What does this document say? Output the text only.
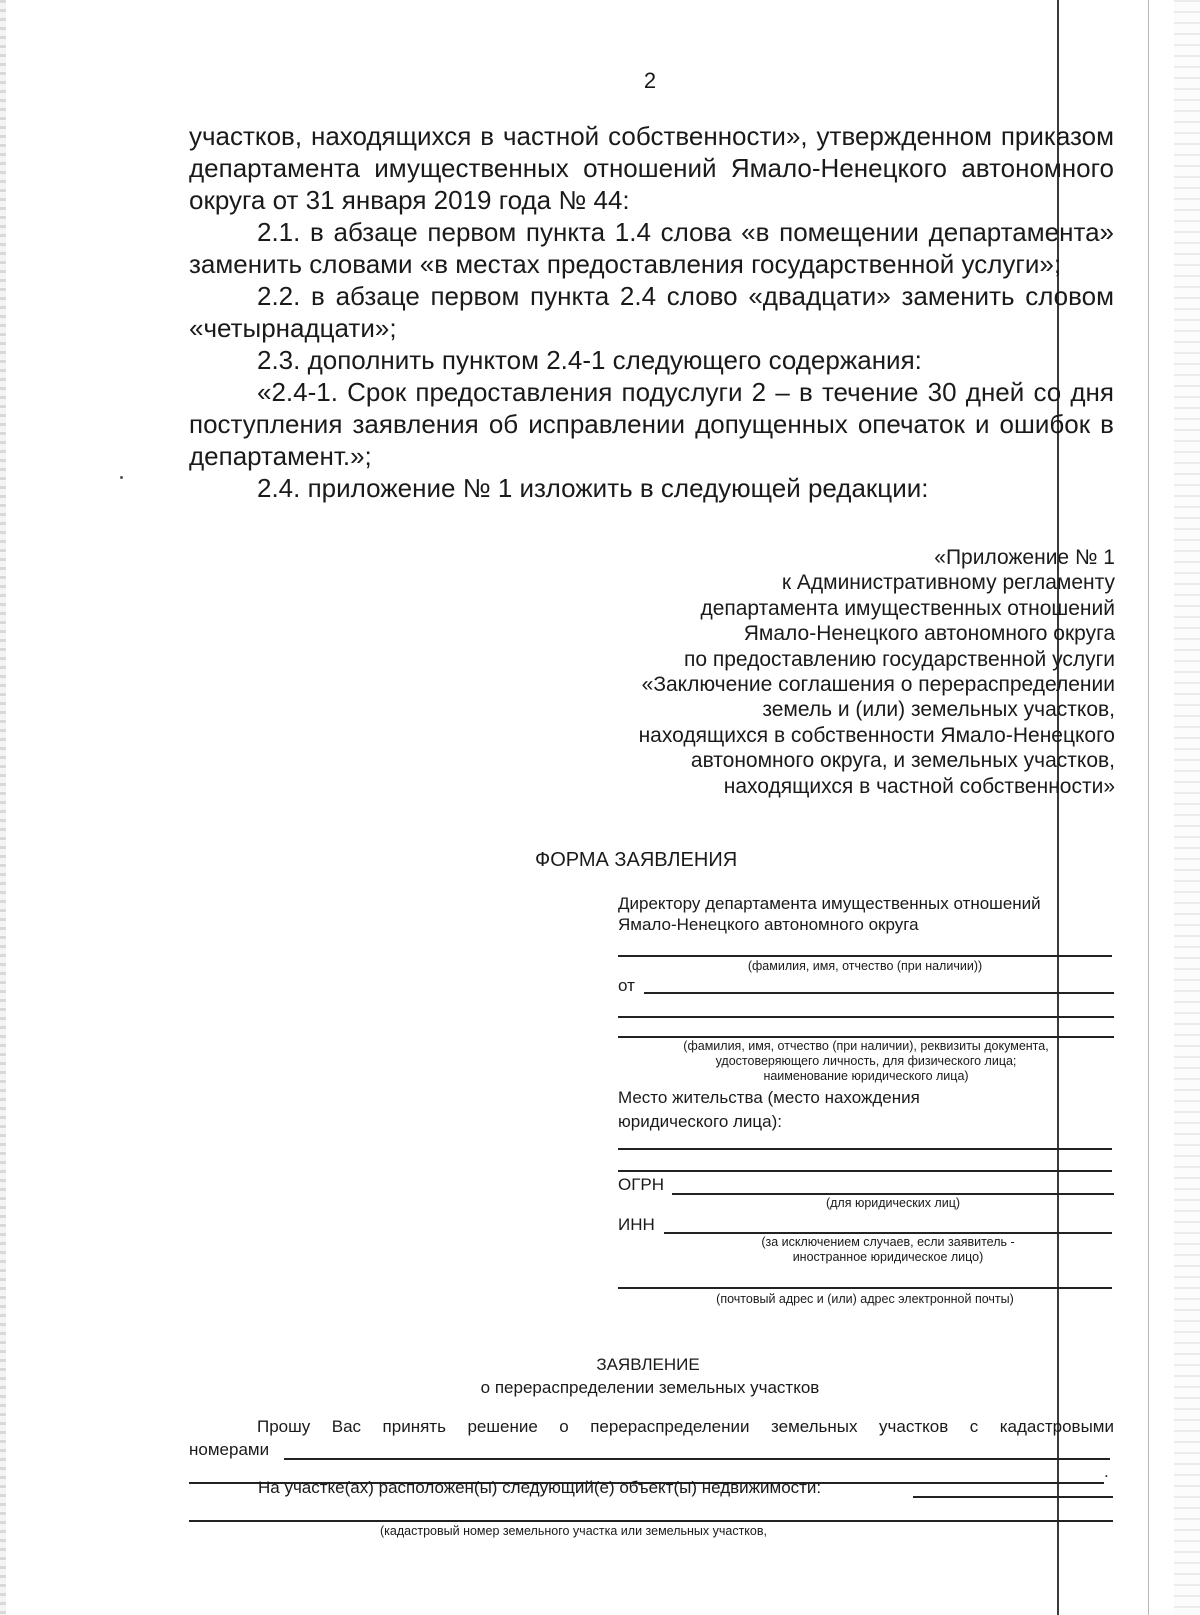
2

участков, находящихся в частной собственности», утвержденном приказом департамента имущественных отношений Ямало-Ненецкого автономного округа от 31 января 2019 года № 44:

2.1. в абзаце первом пункта 1.4 слова «в помещении департамента» заменить словами «в местах предоставления государственной услуги»;

2.2. в абзаце первом пункта 2.4 слово «двадцати» заменить словом «четырнадцати»;

2.3. дополнить пунктом 2.4-1 следующего содержания:

«2.4-1. Срок предоставления подуслуги 2 – в течение 30 дней со дня поступления заявления об исправлении допущенных опечаток и ошибок в департамент.»;

2.4. приложение № 1 изложить в следующей редакции:

«Приложение № 1
к Административному регламенту
департамента имущественных отношений
Ямало-Ненецкого автономного округа
по предоставлению государственной услуги
«Заключение соглашения о перераспределении
земель и (или) земельных участков,
находящихся в собственности Ямало-Ненецкого
автономного округа, и земельных участков,
находящихся в частной собственности»
ФОРМА ЗАЯВЛЕНИЯ
Директору департамента имущественных отношений
Ямало-Ненецкого автономного округа
(фамилия, имя, отчество (при наличии))
от
(фамилия, имя, отчество (при наличии), реквизиты документа,
удостоверяющего личность, для физического лица;
наименование юридического лица)
Место жительства (место нахождения
юридического лица):
ОГРН
(для юридических лиц)
ИНН
(за исключением случаев, если заявитель -
иностранное юридическое лицо)
(почтовый адрес и (или) адрес электронной почты)
ЗАЯВЛЕНИЕ
о перераспределении земельных участков

Прошу Вас принять решение о перераспределении земельных участков с кадастровыми

номерами
.
На участке(ах) расположен(ы) следующий(е) объект(ы) недвижимости:
(кадастровый номер земельного участка или земельных участков,
